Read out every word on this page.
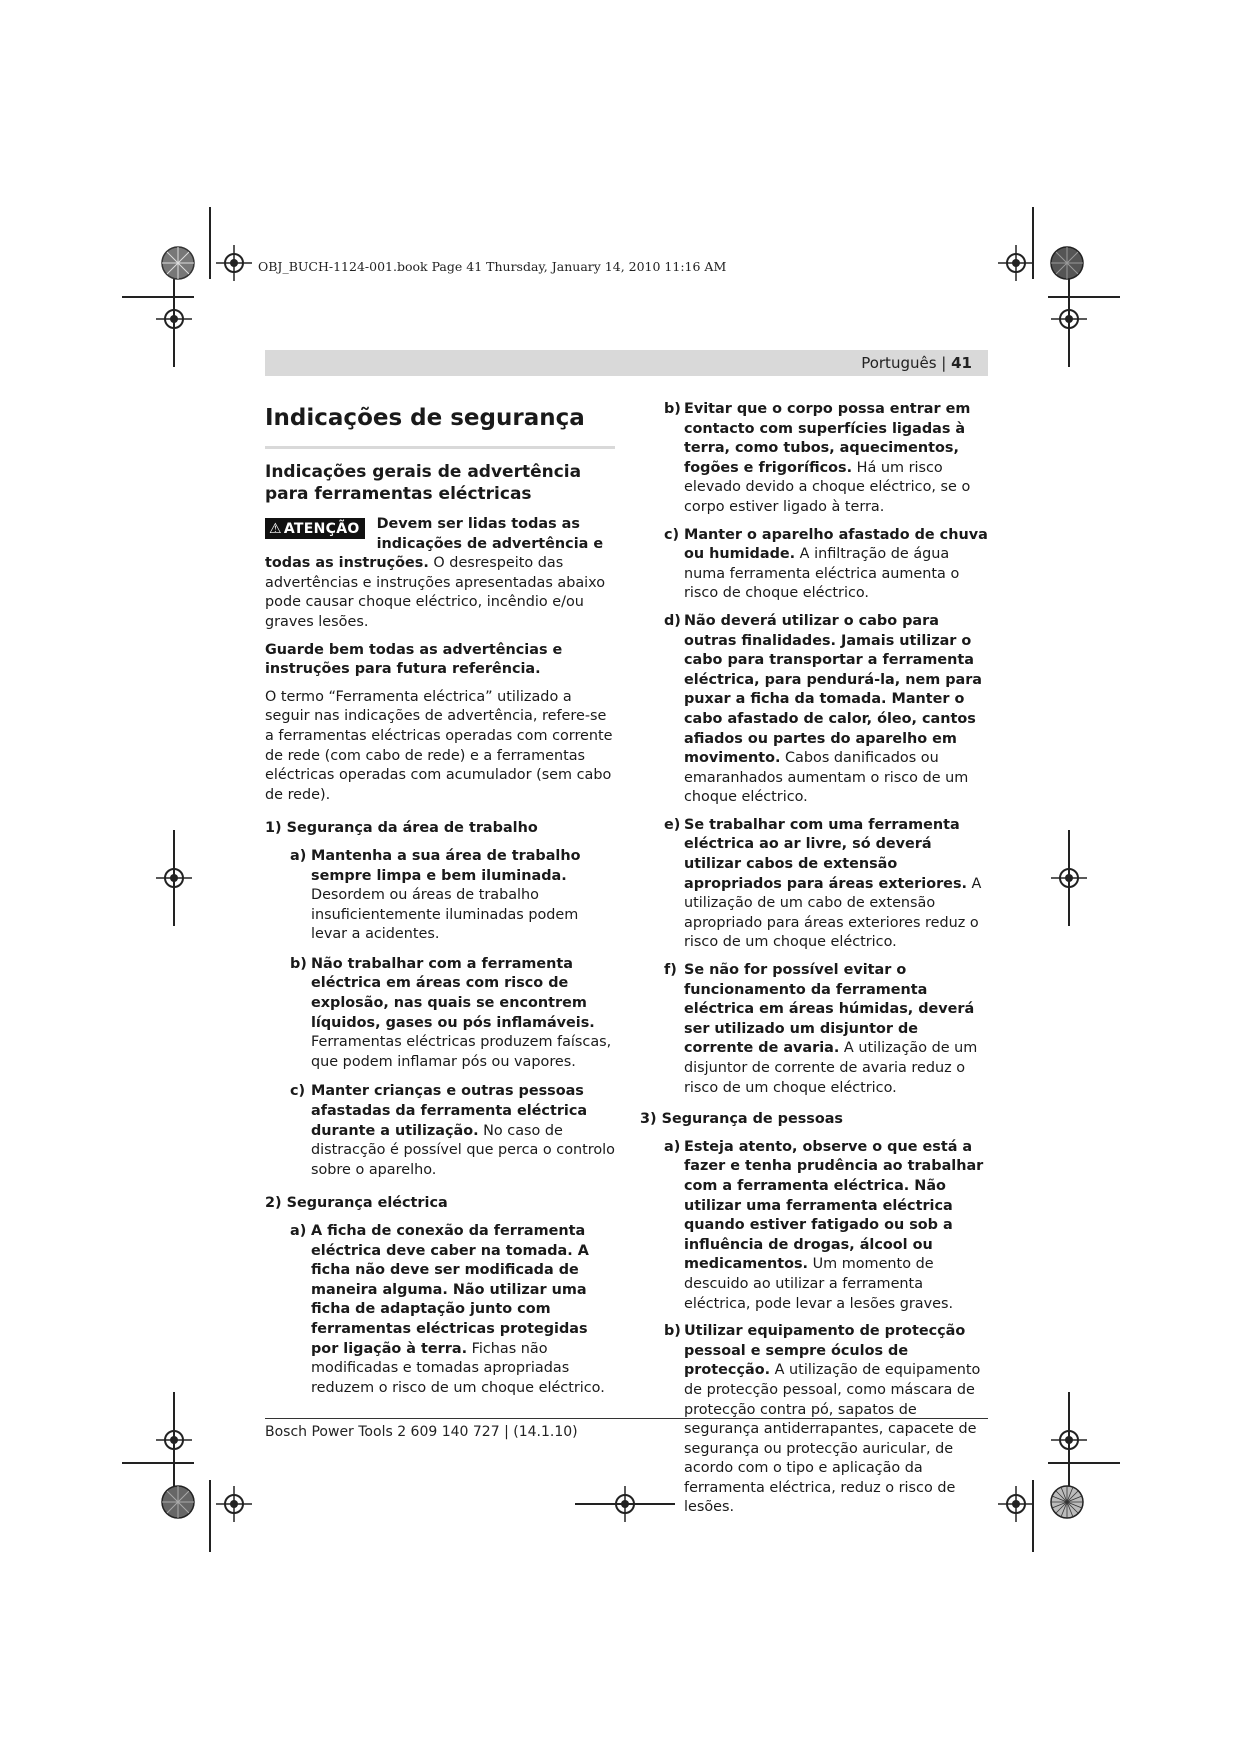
OBJ_BUCH-1124-001.book Page 41 Thursday, January 14, 2010 11:16 AM
Português | 41
Indicações de segurança
Indicações gerais de advertência para ferramentas eléctricas

⚠ ATENÇÃO	Devem ser lidas todas as indicações de advertência e todas as instruções. O desrespeito das advertências e instruções apresentadas abaixo pode causar choque eléctrico, incêndio e/ou graves lesões.

Guarde bem todas as advertências e instruções para futura referência.

O termo “Ferramenta eléctrica” utilizado a seguir nas indicações de advertência, refere-se a ferramentas eléctricas operadas com corrente de rede (com cabo de rede) e a ferramentas eléctricas operadas com acumulador (sem cabo de rede).

1) Segurança da área de trabalho
a) Mantenha a sua área de trabalho sempre limpa e bem iluminada. Desordem ou áreas de trabalho insuficientemente iluminadas podem levar a acidentes.
b) Não trabalhar com a ferramenta eléctrica em áreas com risco de explosão, nas quais se encontrem líquidos, gases ou pós inflamáveis. Ferramentas eléctricas produzem faíscas, que podem inflamar pós ou vapores.
c) Manter crianças e outras pessoas afastadas da ferramenta eléctrica durante a utilização. No caso de distracção é possível que perca o controlo sobre o aparelho.
2) Segurança eléctrica
a) A ficha de conexão da ferramenta eléctrica deve caber na tomada. A ficha não deve ser modificada de maneira alguma. Não utilizar uma ficha de adaptação junto com ferramentas eléctricas protegidas por ligação à terra. Fichas não modificadas e tomadas apropriadas reduzem o risco de um choque eléctrico.
b) Evitar que o corpo possa entrar em contacto com superfícies ligadas à terra, como tubos, aquecimentos, fogões e frigoríficos. Há um risco elevado devido a choque eléctrico, se o corpo estiver ligado à terra.
c) Manter o aparelho afastado de chuva ou humidade. A infiltração de água numa ferramenta eléctrica aumenta o risco de choque eléctrico.
d) Não deverá utilizar o cabo para outras finalidades. Jamais utilizar o cabo para transportar a ferramenta eléctrica, para pendurá-la, nem para puxar a ficha da tomada. Manter o cabo afastado de calor, óleo, cantos afiados ou partes do aparelho em movimento. Cabos danificados ou emaranhados aumentam o risco de um choque eléctrico.
e) Se trabalhar com uma ferramenta eléctrica ao ar livre, só deverá utilizar cabos de extensão apropriados para áreas exteriores. A utilização de um cabo de extensão apropriado para áreas exteriores reduz o risco de um choque eléctrico.
f) Se não for possível evitar o funcionamento da ferramenta eléctrica em áreas húmidas, deverá ser utilizado um disjuntor de corrente de avaria. A utilização de um disjuntor de corrente de avaria reduz o risco de um choque eléctrico.
3) Segurança de pessoas
a) Esteja atento, observe o que está a fazer e tenha prudência ao trabalhar com a ferramenta eléctrica. Não utilizar uma ferramenta eléctrica quando estiver fatigado ou sob a influência de drogas, álcool ou medicamentos. Um momento de descuido ao utilizar a ferramenta eléctrica, pode levar a lesões graves.
b) Utilizar equipamento de protecção pessoal e sempre óculos de protecção. A utilização de equipamento de protecção pessoal, como máscara de protecção contra pó, sapatos de segurança antiderrapantes, capacete de segurança ou protecção auricular, de acordo com o tipo e aplicação da ferramenta eléctrica, reduz o risco de lesões.
Bosch Power Tools 2 609 140 727 | (14.1.10)
